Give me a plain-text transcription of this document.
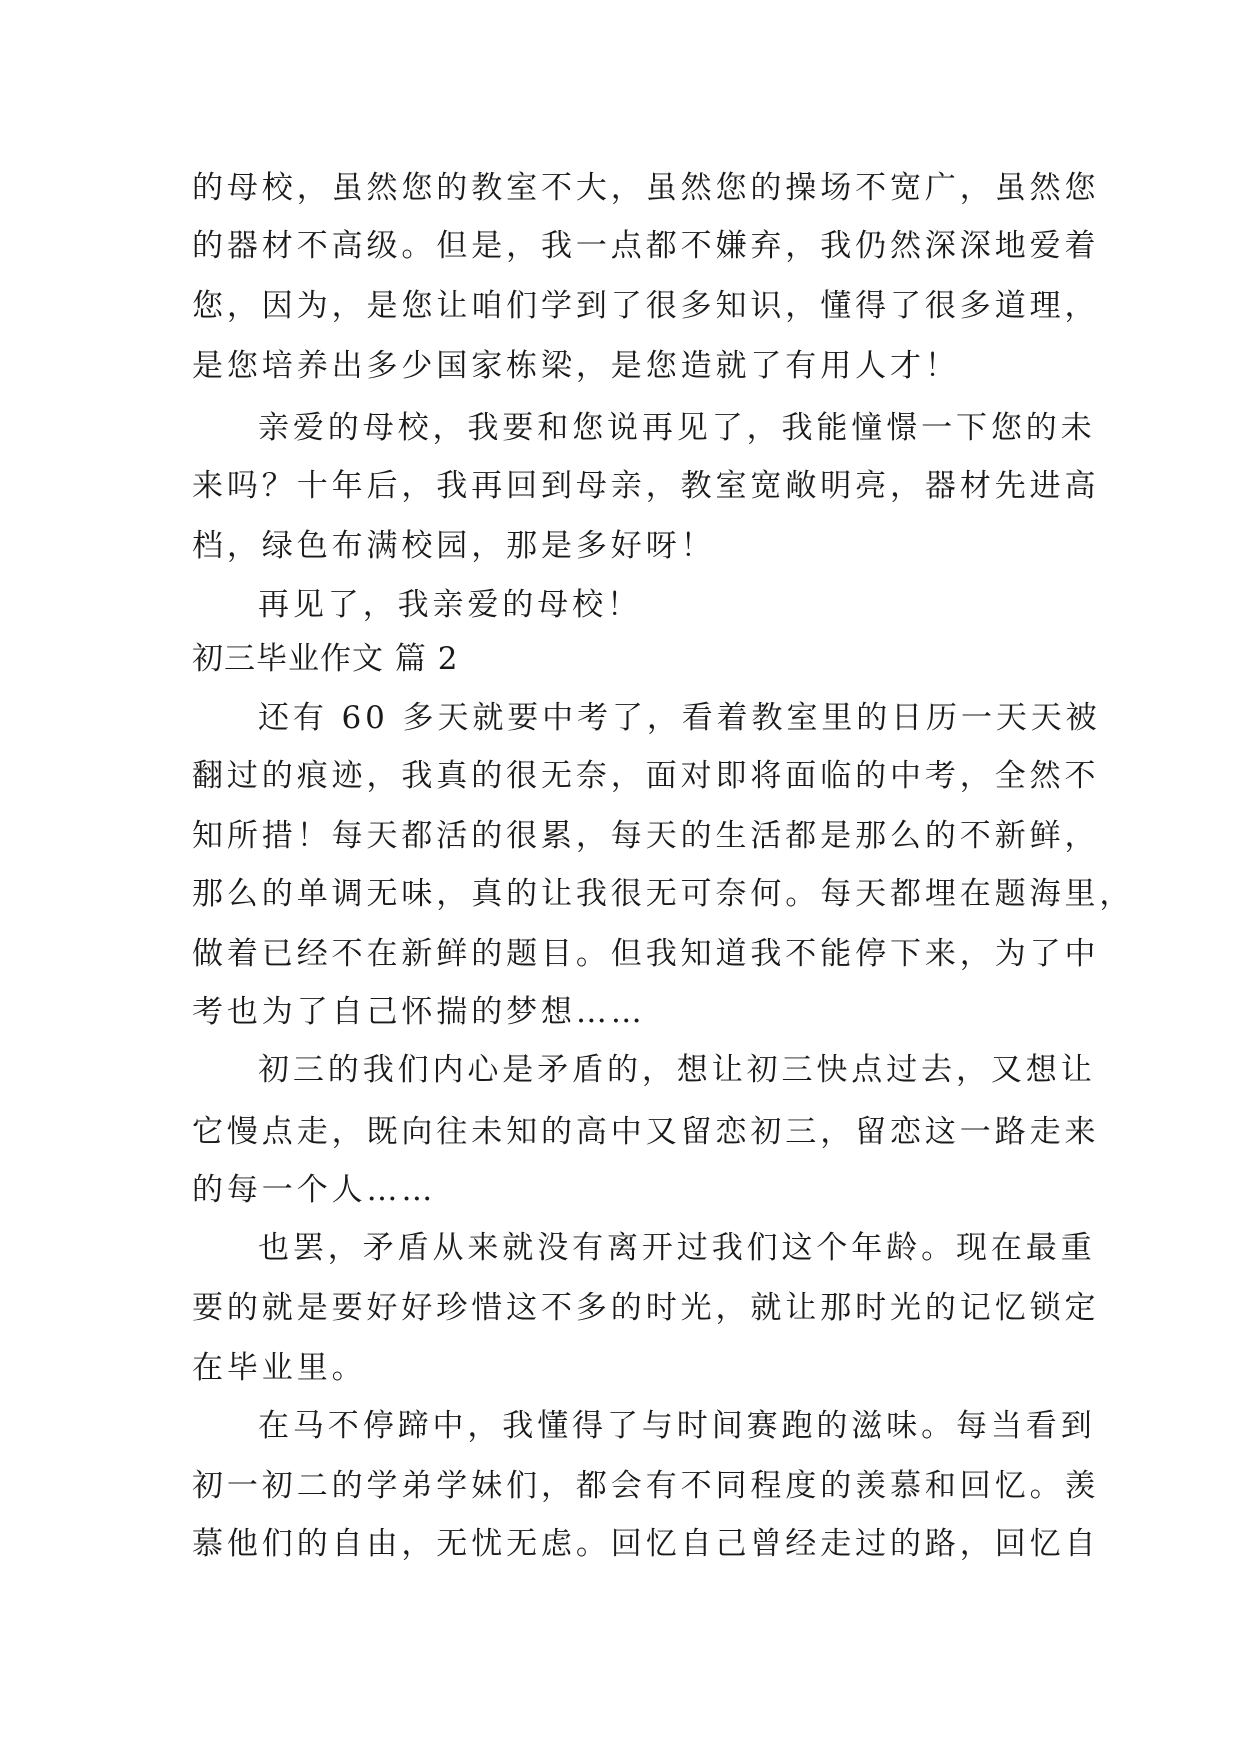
的母校，虽然您的教室不大，虽然您的操场不宽广，虽然您
的器材不高级。但是，我一点都不嫌弃，我仍然深深地爱着
您，因为，是您让咱们学到了很多知识，懂得了很多道理，
是您培养出多少国家栋梁，是您造就了有用人才！
亲爱的母校，我要和您说再见了，我能憧憬一下您的未
来吗？十年后，我再回到母亲，教室宽敞明亮，器材先进高
档，绿色布满校园，那是多好呀！
再见了，我亲爱的母校！
初三毕业作文 篇 2
还有 60 多天就要中考了，看着教室里的日历一天天被
翻过的痕迹，我真的很无奈，面对即将面临的中考，全然不
知所措！每天都活的很累，每天的生活都是那么的不新鲜，
那么的单调无味，真的让我很无可奈何。每天都埋在题海里，
做着已经不在新鲜的题目。但我知道我不能停下来，为了中
考也为了自己怀揣的梦想……
初三的我们内心是矛盾的，想让初三快点过去，又想让
它慢点走，既向往未知的高中又留恋初三，留恋这一路走来
的每一个人……
也罢，矛盾从来就没有离开过我们这个年龄。现在最重
要的就是要好好珍惜这不多的时光，就让那时光的记忆锁定
在毕业里。
在马不停蹄中，我懂得了与时间赛跑的滋味。每当看到
初一初二的学弟学妹们，都会有不同程度的羡慕和回忆。羡
慕他们的自由，无忧无虑。回忆自己曾经走过的路，回忆自
